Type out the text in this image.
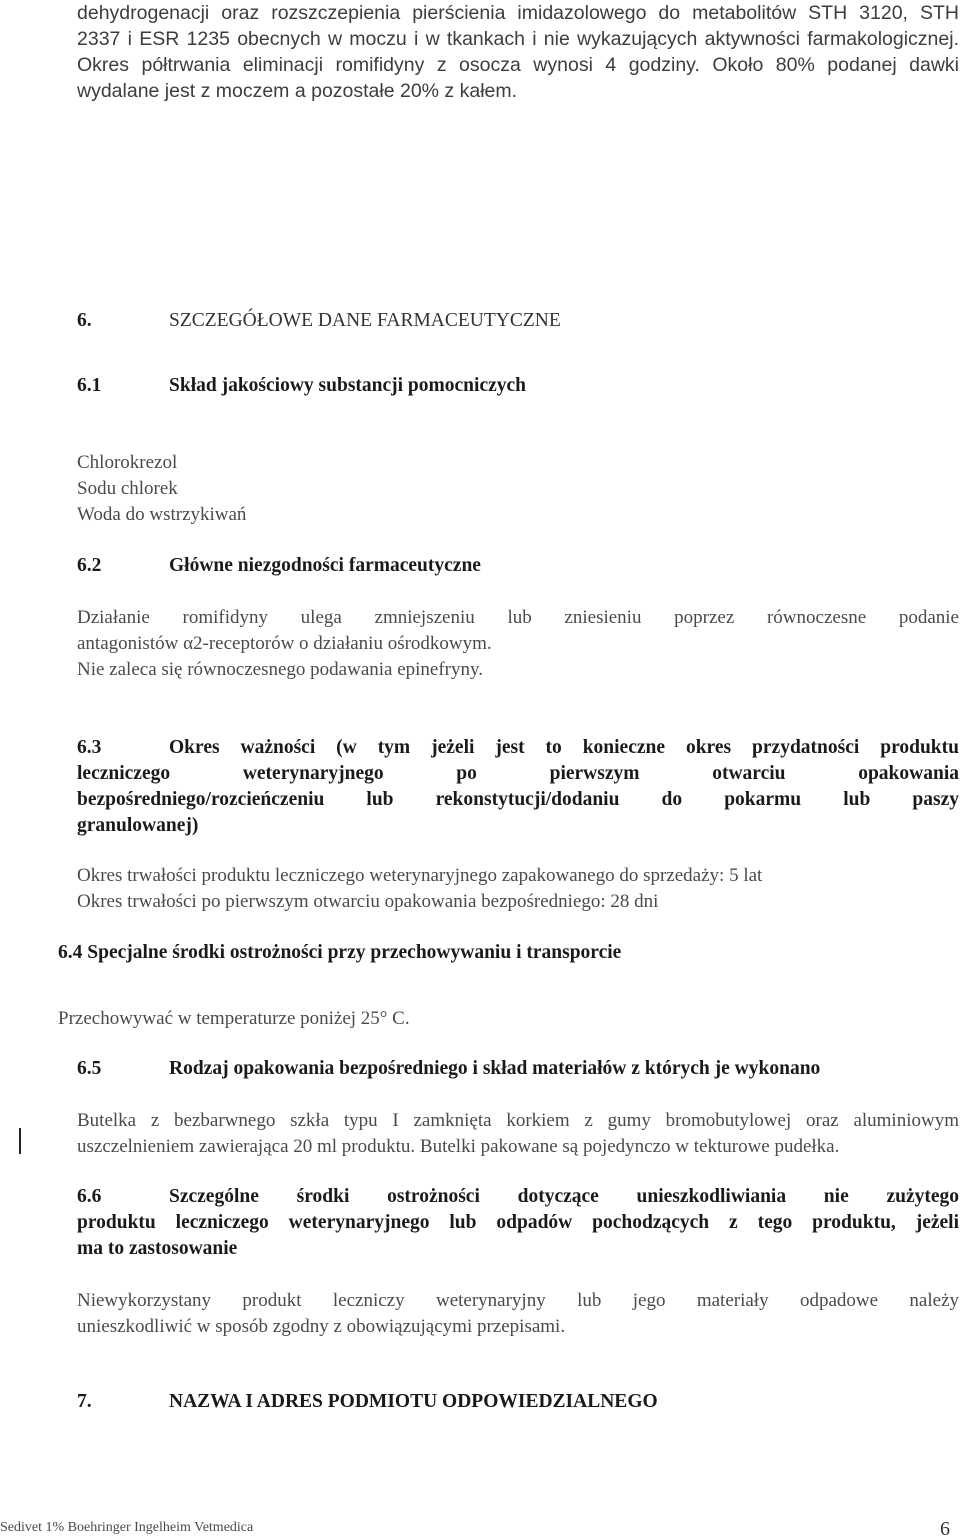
dehydrogenacji oraz rozszczepienia pierścienia imidazolowego do metabolitów STH 3120, STH
2337 i ESR 1235 obecnych w moczu i w tkankach i nie wykazujących aktywności farmakologicznej.
Okres półtrwania eliminacji romifidyny z osocza wynosi 4 godziny. Około 80% podanej dawki
wydalane jest z moczem a pozostałe 20% z kałem.
6.	SZCZEGÓŁOWE DANE FARMACEUTYCZNE
6.1	Skład jakościowy substancji pomocniczych
Chlorokrezol
Sodu chlorek
Woda do wstrzykiwań
6.2	Główne niezgodności farmaceutyczne
Działanie romifidyny ulega zmniejszeniu lub zniesieniu poprzez równoczesne podanie
antagonistów α2-receptorów o działaniu ośrodkowym.
Nie zaleca się równoczesnego podawania epinefryny.
6.3	Okres ważności (w tym jeżeli jest to konieczne okres przydatności produktu
leczniczego weterynaryjnego po pierwszym otwarciu opakowania
bezpośredniego/rozcieńczeniu lub rekonstytucji/dodaniu do pokarmu lub paszy
granulowanej)
Okres trwałości produktu leczniczego weterynaryjnego zapakowanego do sprzedaży: 5 lat
Okres trwałości po pierwszym otwarciu opakowania bezpośredniego: 28 dni
6.4 Specjalne środki ostrożności przy przechowywaniu i transporcie
Przechowywać w temperaturze poniżej 25° C.
6.5	Rodzaj opakowania bezpośredniego i skład materiałów z których je wykonano
Butelka z bezbarwnego szkła typu I zamknięta korkiem z gumy bromobutylowej oraz aluminiowym
uszczelnieniem zawierająca 20 ml produktu. Butelki pakowane są pojedynczo w tekturowe pudełka.
6.6	Szczególne środki ostrożności dotyczące unieszkodliwiania nie zużytego
produktu leczniczego weterynaryjnego lub odpadów pochodzących z tego produktu, jeżeli
ma to zastosowanie
Niewykorzystany produkt leczniczy weterynaryjny lub jego materiały odpadowe należy
unieszkodliwić w sposób zgodny z obowiązującymi przepisami.
7.	NAZWA I ADRES PODMIOTU ODPOWIEDZIALNEGO
Sedivet 1% Boehringer Ingelheim Vetmedica	6
